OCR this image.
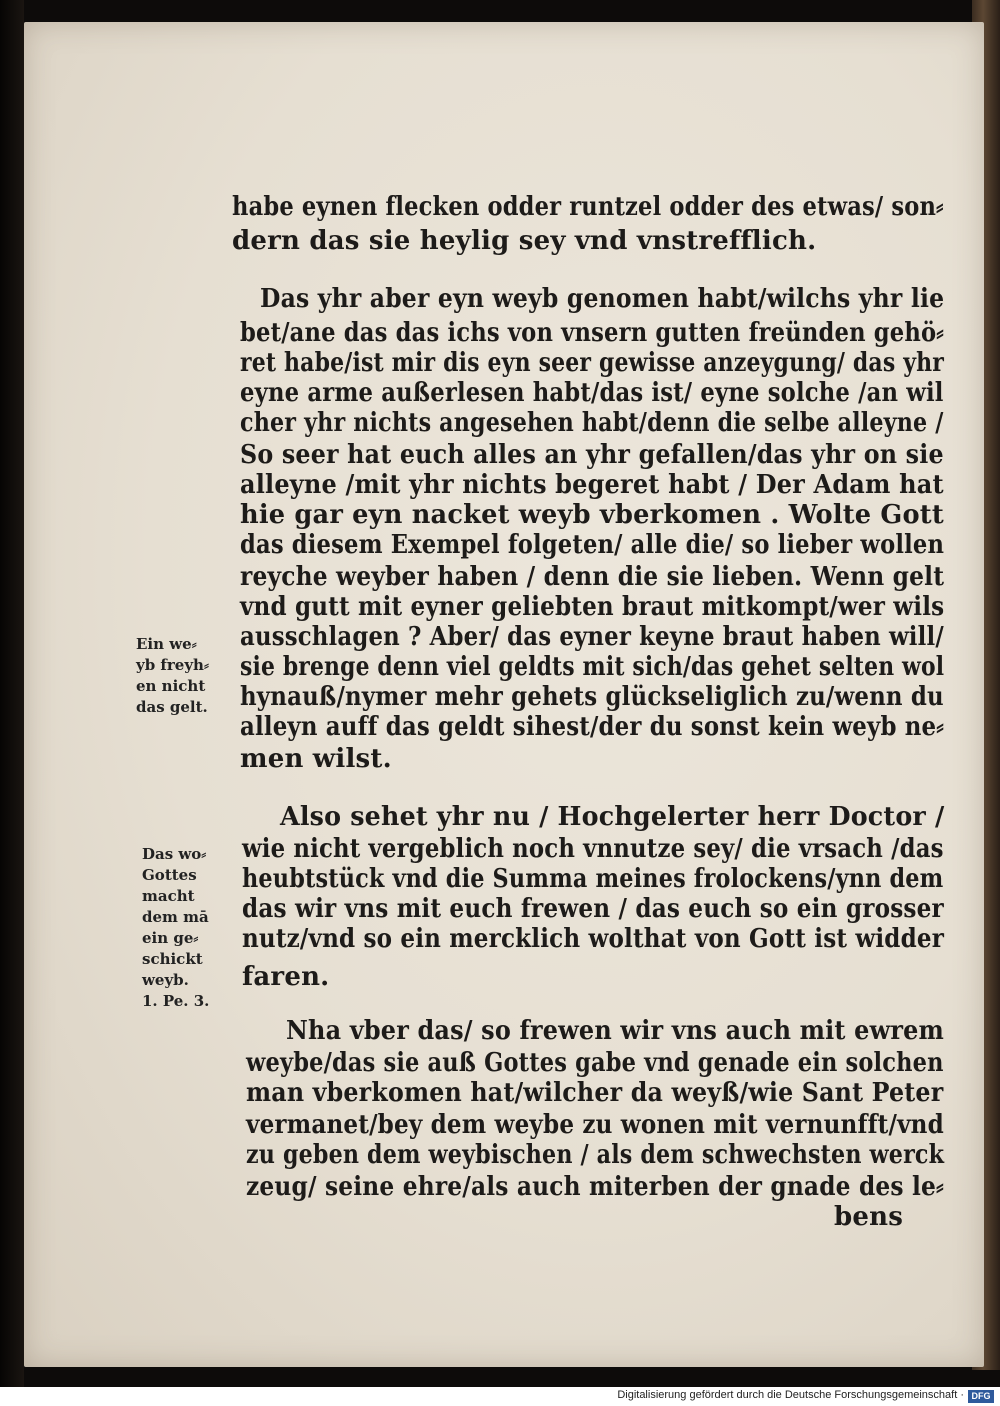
habe eynen flecken odder runtzel odder des etwas/ son⸗
dern das sie heylig sey vnd vnstrefflich.
Das yhr aber eyn weyb genomen habt/wilchs yhr lie
bet/ane das das ichs von vnsern gutten freünden gehö⸗
ret habe/ist mir dis eyn seer gewisse anzeygung/ das yhr
eyne arme außerlesen habt/das ist/ eyne solche /an wil
cher yhr nichts angesehen habt/denn die selbe alleyne /
So seer hat euch alles an yhr gefallen/das yhr on sie
alleyne /mit yhr nichts begeret habt / Der Adam hat
hie gar eyn nacket weyb vberkomen . Wolte Gott
das diesem Exempel folgeten/ alle die/ so lieber wollen
reyche weyber haben / denn die sie lieben. Wenn gelt
vnd gutt mit eyner geliebten braut mitkompt/wer wils
ausschlagen ? Aber/ das eyner keyne braut haben will/
sie brenge denn viel geldts mit sich/das gehet selten wol
hynauß/nymer mehr gehets glückseliglich zu/wenn du
alleyn auff das geldt sihest/der du sonst kein weyb ne⸗
men wilst.
Also sehet yhr nu / Hochgelerter herr Doctor /
wie nicht vergeblich noch vnnutze sey/ die vrsach /das
heubtstück vnd die Summa meines frolockens/ynn dem
das wir vns mit euch frewen / das euch so ein grosser
nutz/vnd so ein mercklich wolthat von Gott ist widder
faren.
Nha vber das/ so frewen wir vns auch mit ewrem
weybe/das sie auß Gottes gabe vnd genade ein solchen
man vberkomen hat/wilcher da weyß/wie Sant Peter
vermanet/bey dem weybe zu wonen mit vernunfft/vnd
zu geben dem weybischen / als dem schwechsten werck
zeug/ seine ehre/als auch miterben der gnade des le⸗
bens
Ein we⸗
yb freyh⸗
en nicht
das gelt.
Das wo⸗
Gottes
macht
dem mā
ein ge⸗
schickt
weyb.
1. Pe. 3.
Digitalisierung gefördert durch die Deutsche Forschungsgemeinschaft · DFG
